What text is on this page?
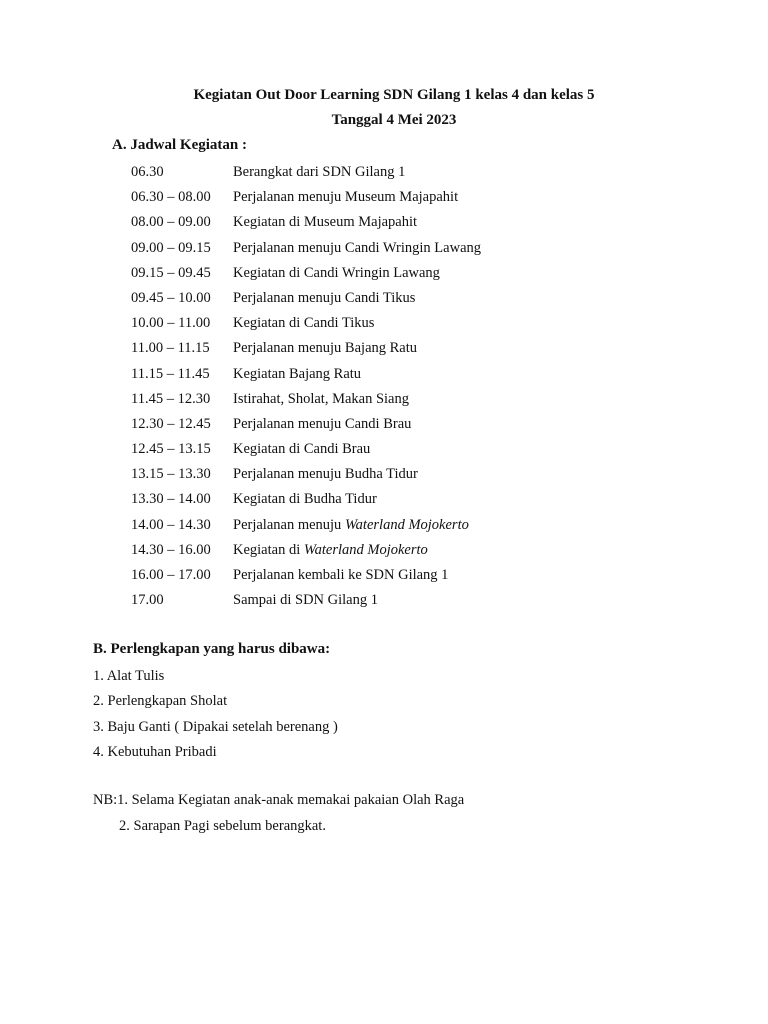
Kegiatan Out Door Learning SDN Gilang 1 kelas 4 dan kelas 5
Tanggal 4 Mei 2023
A. Jadwal Kegiatan :
06.30	Berangkat dari SDN Gilang 1
06.30 – 08.00	Perjalanan menuju Museum Majapahit
08.00 – 09.00	Kegiatan di Museum Majapahit
09.00 – 09.15	Perjalanan menuju Candi Wringin Lawang
09.15 – 09.45	Kegiatan di Candi Wringin Lawang
09.45 – 10.00	Perjalanan menuju Candi Tikus
10.00 – 11.00	Kegiatan di Candi Tikus
11.00 – 11.15	Perjalanan menuju Bajang Ratu
11.15 – 11.45	Kegiatan Bajang Ratu
11.45 – 12.30	Istirahat, Sholat, Makan Siang
12.30 – 12.45	Perjalanan menuju Candi Brau
12.45 – 13.15	Kegiatan di Candi Brau
13.15 – 13.30	Perjalanan menuju Budha Tidur
13.30 – 14.00	Kegiatan di Budha Tidur
14.00 – 14.30	Perjalanan menuju Waterland Mojokerto
14.30 – 16.00	Kegiatan di Waterland Mojokerto
16.00 – 17.00	Perjalanan kembali ke SDN Gilang 1
17.00	Sampai di SDN Gilang 1
B. Perlengkapan yang harus dibawa:
1. Alat Tulis
2. Perlengkapan Sholat
3. Baju Ganti ( Dipakai setelah berenang )
4. Kebutuhan Pribadi
NB:1. Selama Kegiatan anak-anak memakai pakaian Olah Raga
2. Sarapan Pagi sebelum berangkat.
